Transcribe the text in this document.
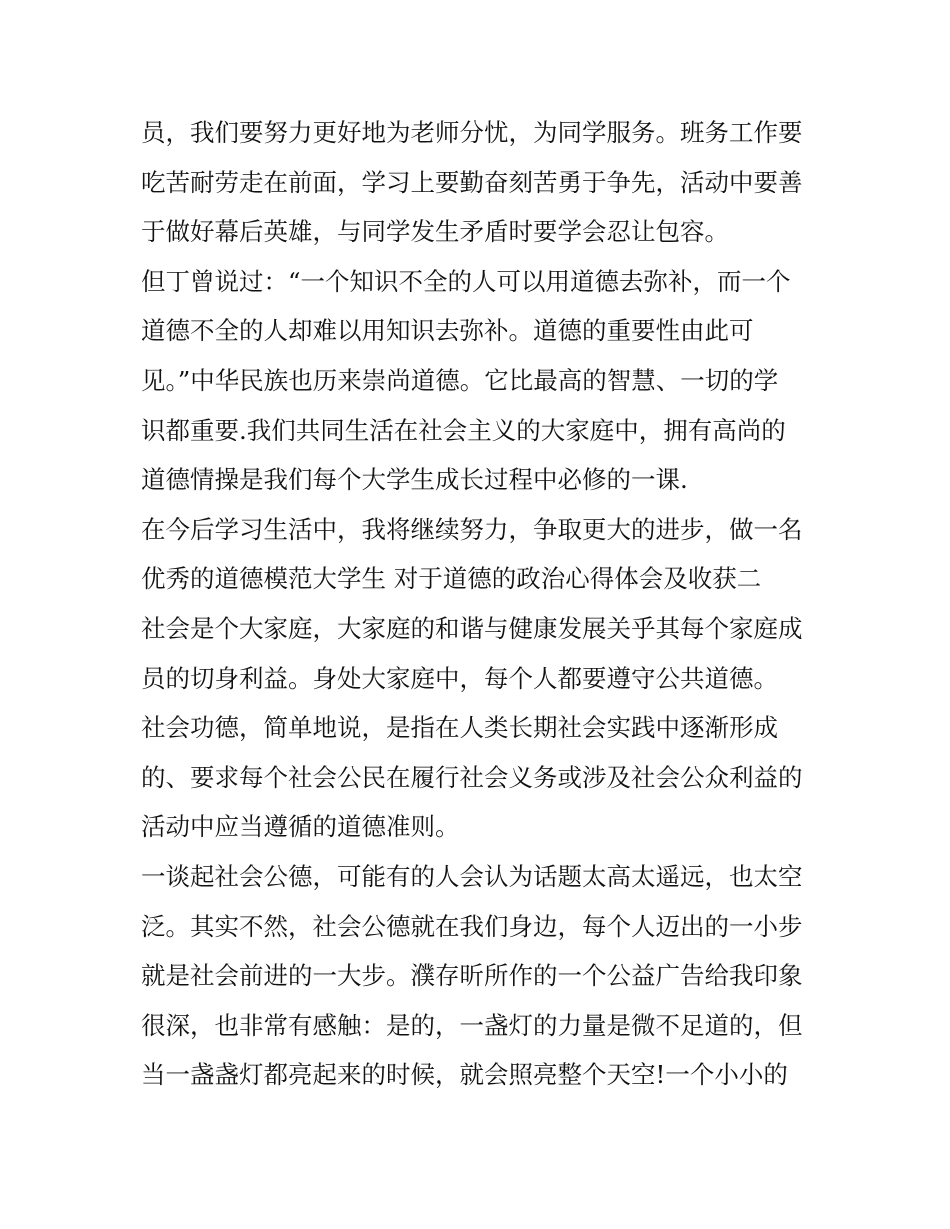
员，我们要努力更好地为老师分忧，为同学服务。班务工作要
吃苦耐劳走在前面，学习上要勤奋刻苦勇于争先，活动中要善
于做好幕后英雄，与同学发生矛盾时要学会忍让包容。
但丁曾说过：“一个知识不全的人可以用道德去弥补，而一个
道德不全的人却难以用知识去弥补。道德的重要性由此可
见。”中华民族也历来崇尚道德。它比最高的智慧、一切的学
识都重要.我们共同生活在社会主义的大家庭中，拥有高尚的
道德情操是我们每个大学生成长过程中必修的一课.
在今后学习生活中，我将继续努力，争取更大的进步，做一名
优秀的道德模范大学生 对于道德的政治心得体会及收获二
社会是个大家庭，大家庭的和谐与健康发展关乎其每个家庭成
员的切身利益。身处大家庭中，每个人都要遵守公共道德。
社会功德，简单地说，是指在人类长期社会实践中逐渐形成
的、要求每个社会公民在履行社会义务或涉及社会公众利益的
活动中应当遵循的道德准则。
一谈起社会公德，可能有的人会认为话题太高太遥远，也太空
泛。其实不然，社会公德就在我们身边，每个人迈出的一小步
就是社会前进的一大步。濮存昕所作的一个公益广告给我印象
很深，也非常有感触：是的，一盏灯的力量是微不足道的，但
当一盏盏灯都亮起来的时候，就会照亮整个天空!一个小小的
